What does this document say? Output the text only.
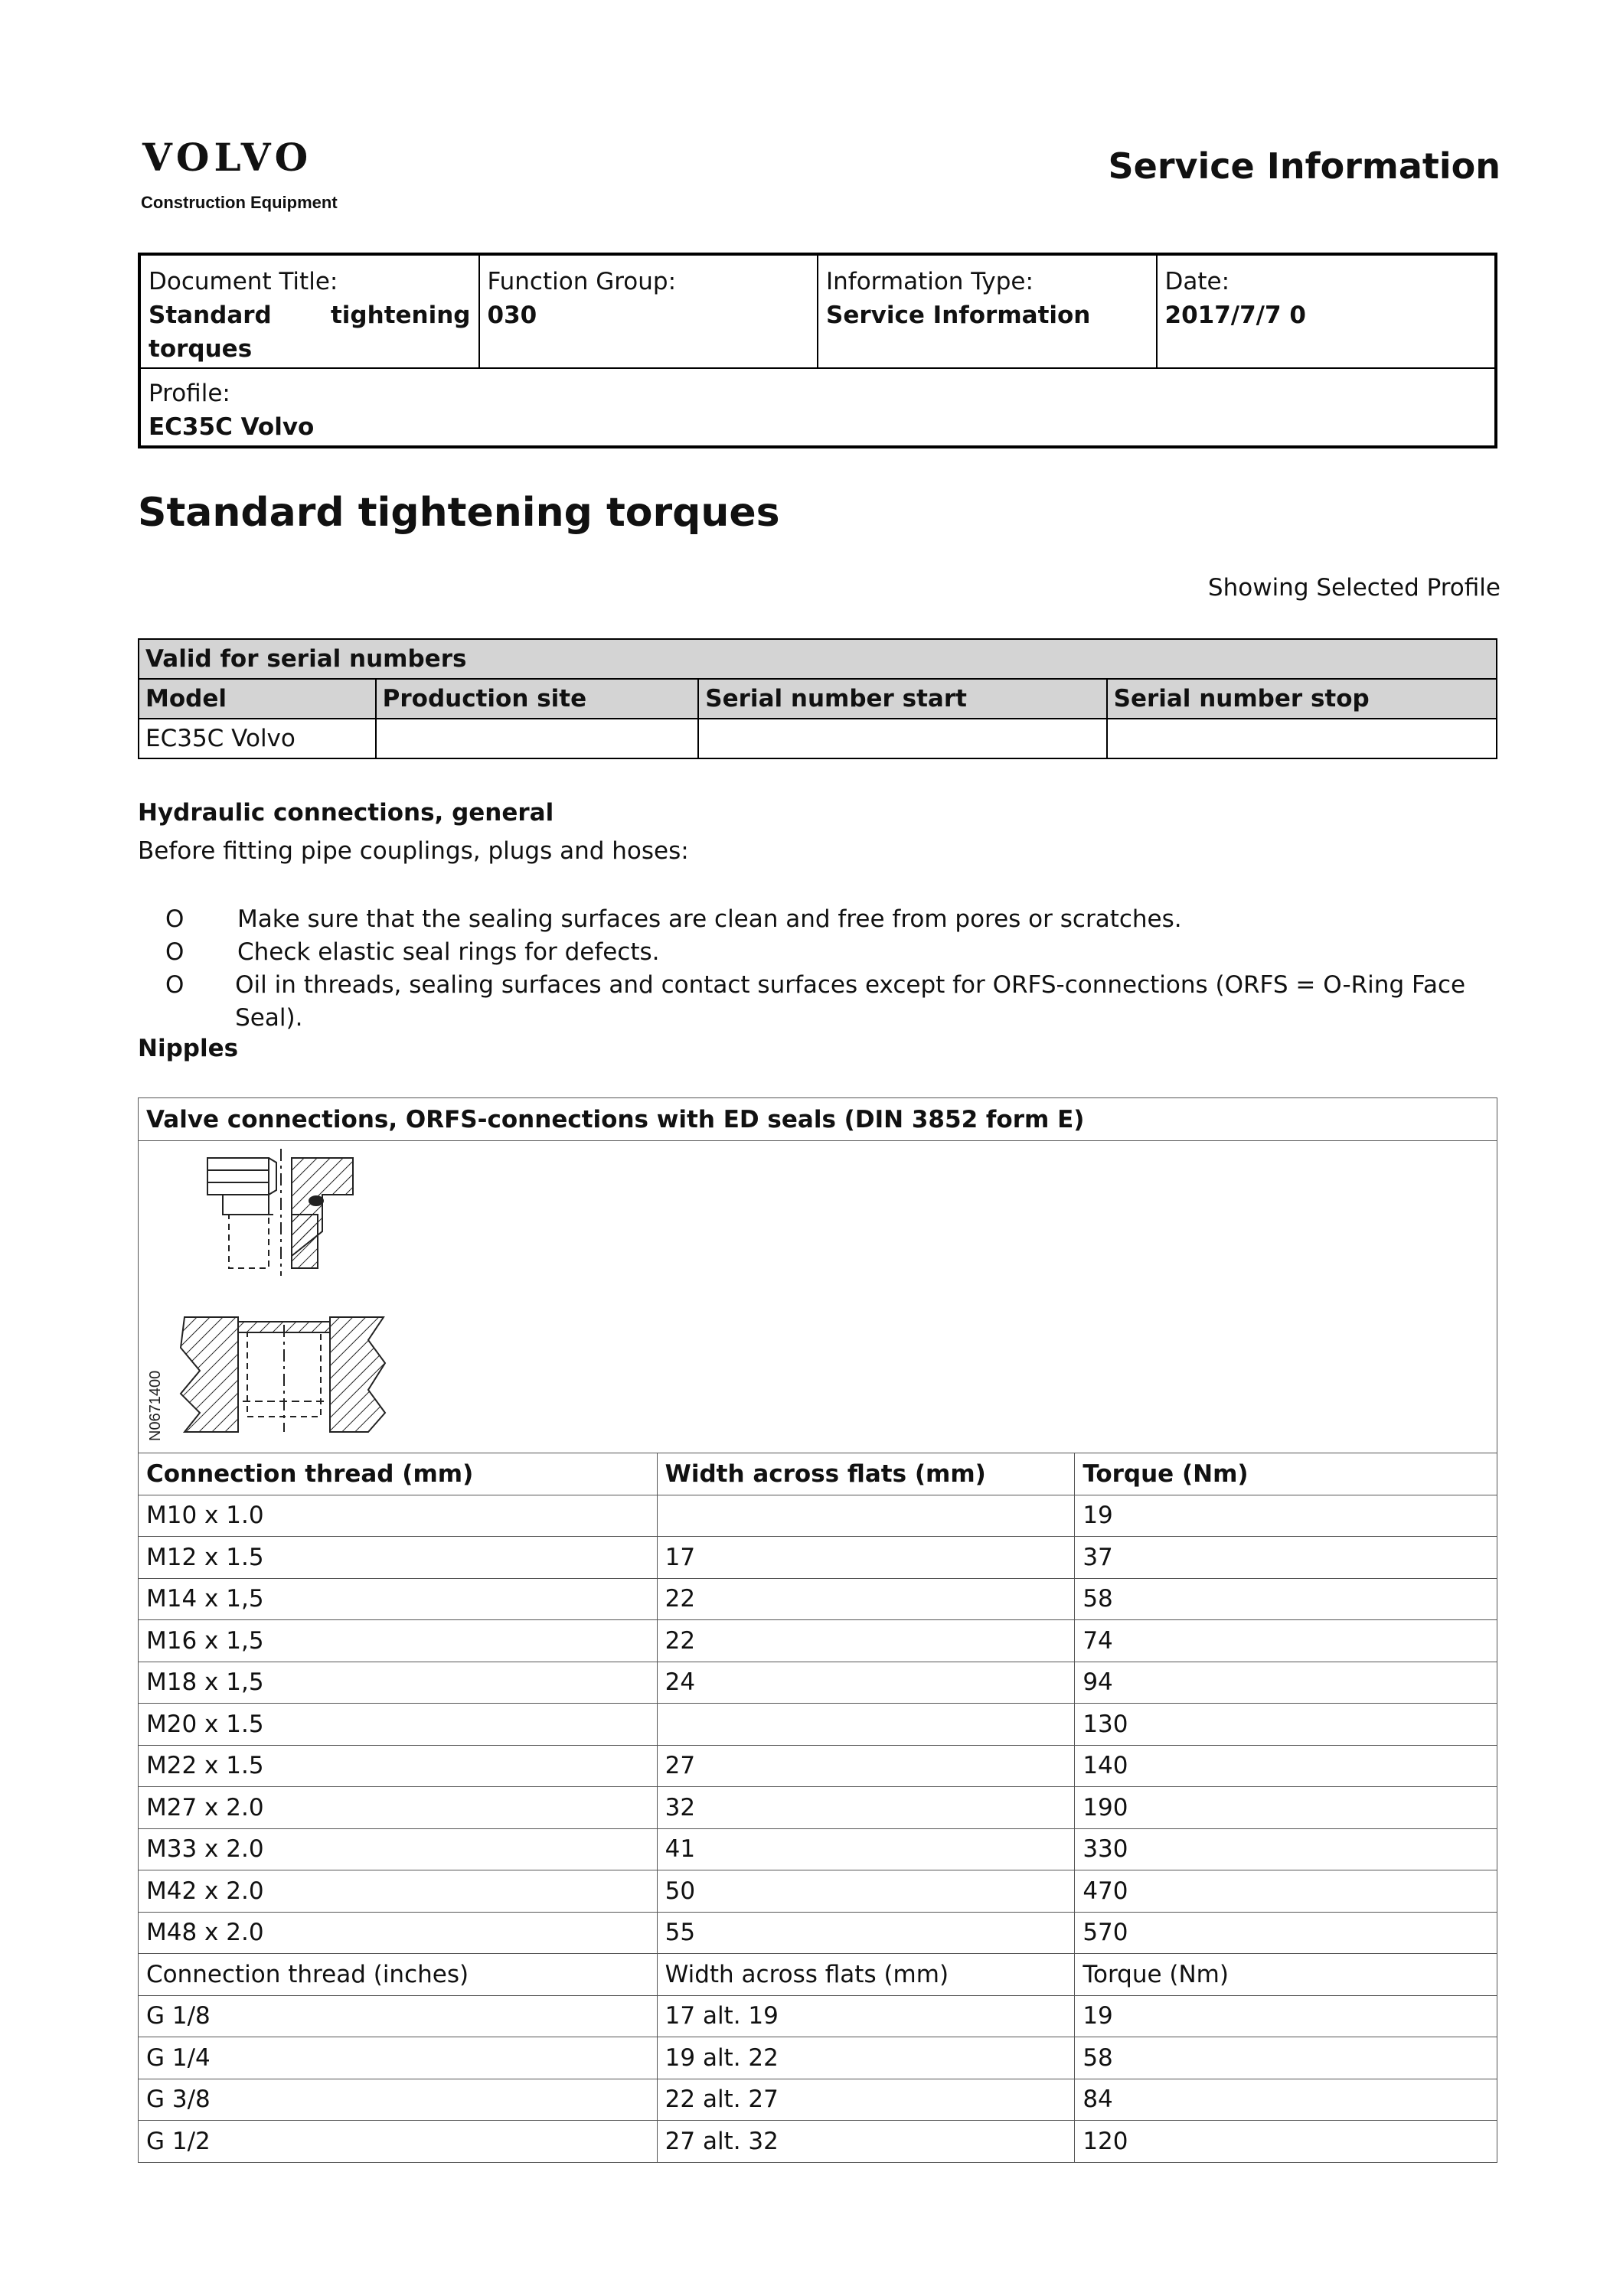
VOLVO
Construction Equipment
Service Information
Document Title:
Standard tightening torques
Function Group:
030
Information Type:
Service Information
Date:
2017/7/7 0
Profile:
EC35C Volvo
Standard tightening torques
Showing Selected Profile
Valid for serial numbers			
Model	Production site	Serial number start	Serial number stop
EC35C Volvo			
Hydraulic connections, general
Before fitting pipe couplings, plugs and hoses:
O	Make sure that the sealing surfaces are clean and free from pores or scratches.
O	Check elastic seal rings for defects.
O	Oil in threads, sealing surfaces and contact surfaces except for ORFS-connections (ORFS = O-Ring Face Seal).
Nipples
Valve connections, ORFS-connections with ED seals (DIN 3852 form E)		

N0671400		

Connection thread (mm)	Width across flats (mm)	Torque (Nm)
M10 x 1.0		19
M12 x 1.5	17	37
M14 x 1,5	22	58
M16 x 1,5	22	74
M18 x 1,5	24	94
M20 x 1.5		130
M22 x 1.5	27	140
M27 x 2.0	32	190
M33 x 2.0	41	330
M42 x 2.0	50	470
M48 x 2.0	55	570
Connection thread (inches)	Width across flats (mm)	Torque (Nm)
G 1/8	17 alt. 19	19
G 1/4	19 alt. 22	58
G 3/8	22 alt. 27	84
G 1/2	27 alt. 32	120
